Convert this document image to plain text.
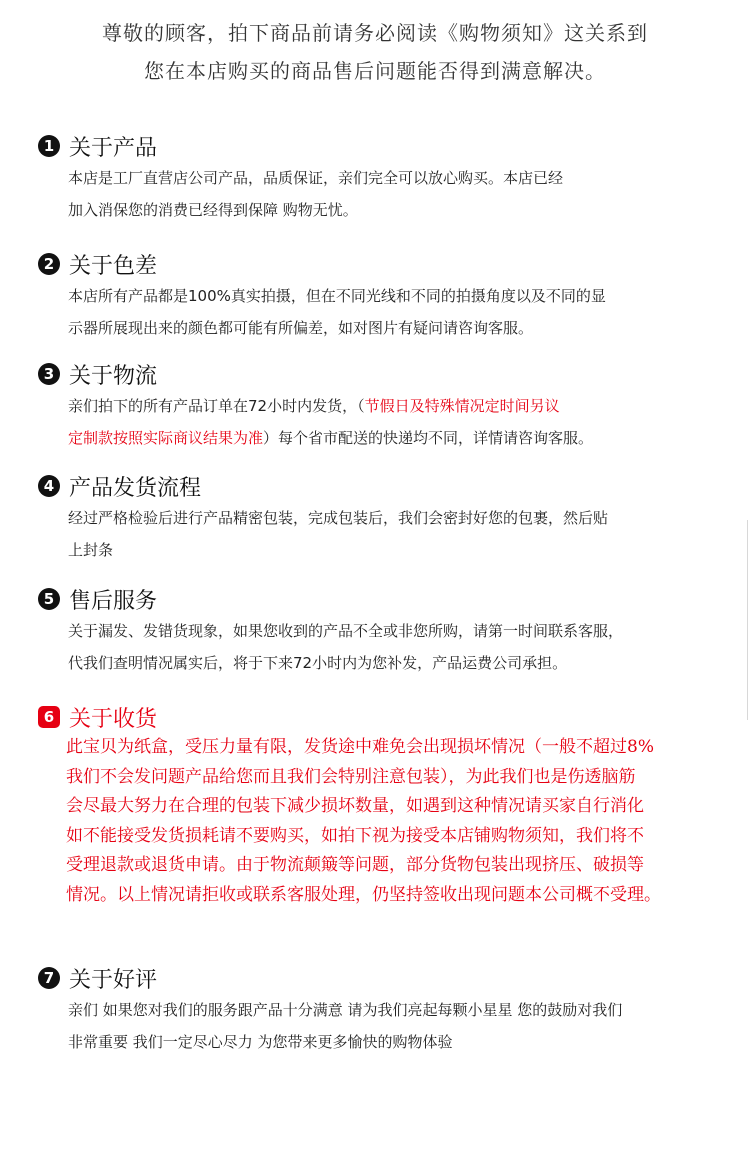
尊敬的顾客，拍下商品前请务必阅读《购物须知》这关系到
您在本店购买的商品售后问题能否得到满意解决。
1 关于产品

本店是工厂直营店公司产品，品质保证，亲们完全可以放心购买。本店已经

加入消保您的消费已经得到保障 购物无忧。

2 关于色差

本店所有产品都是100%真实拍摄，但在不同光线和不同的拍摄角度以及不同的显

示器所展现出来的颜色都可能有所偏差，如对图片有疑问请咨询客服。

3 关于物流

亲们拍下的所有产品订单在72小时内发货，（节假日及特殊情况定时间另议

定制款按照实际商议结果为准）每个省市配送的快递均不同，详情请咨询客服。

4 产品发货流程

经过严格检验后进行产品精密包装，完成包装后，我们会密封好您的包裹，然后贴

上封条

5 售后服务

关于漏发、发错货现象，如果您收到的产品不全或非您所购，请第一时间联系客服，

代我们查明情况属实后，将于下来72小时内为您补发，产品运费公司承担。

6 关于收货

此宝贝为纸盒，受压力量有限，发货途中难免会出现损坏情况（一般不超过8%

我们不会发问题产品给您而且我们会特别注意包装），为此我们也是伤透脑筋

会尽最大努力在合理的包装下减少损坏数量，如遇到这种情况请买家自行消化

如不能接受发货损耗请不要购买，如拍下视为接受本店铺购物须知，我们将不

受理退款或退货申请。由于物流颠簸等问题，部分货物包装出现挤压、破损等

情况。以上情况请拒收或联系客服处理，仍坚持签收出现问题本公司概不受理。

7 关于好评

亲们 如果您对我们的服务跟产品十分满意 请为我们亮起每颗小星星 您的鼓励对我们

非常重要 我们一定尽心尽力 为您带来更多愉快的购物体验
